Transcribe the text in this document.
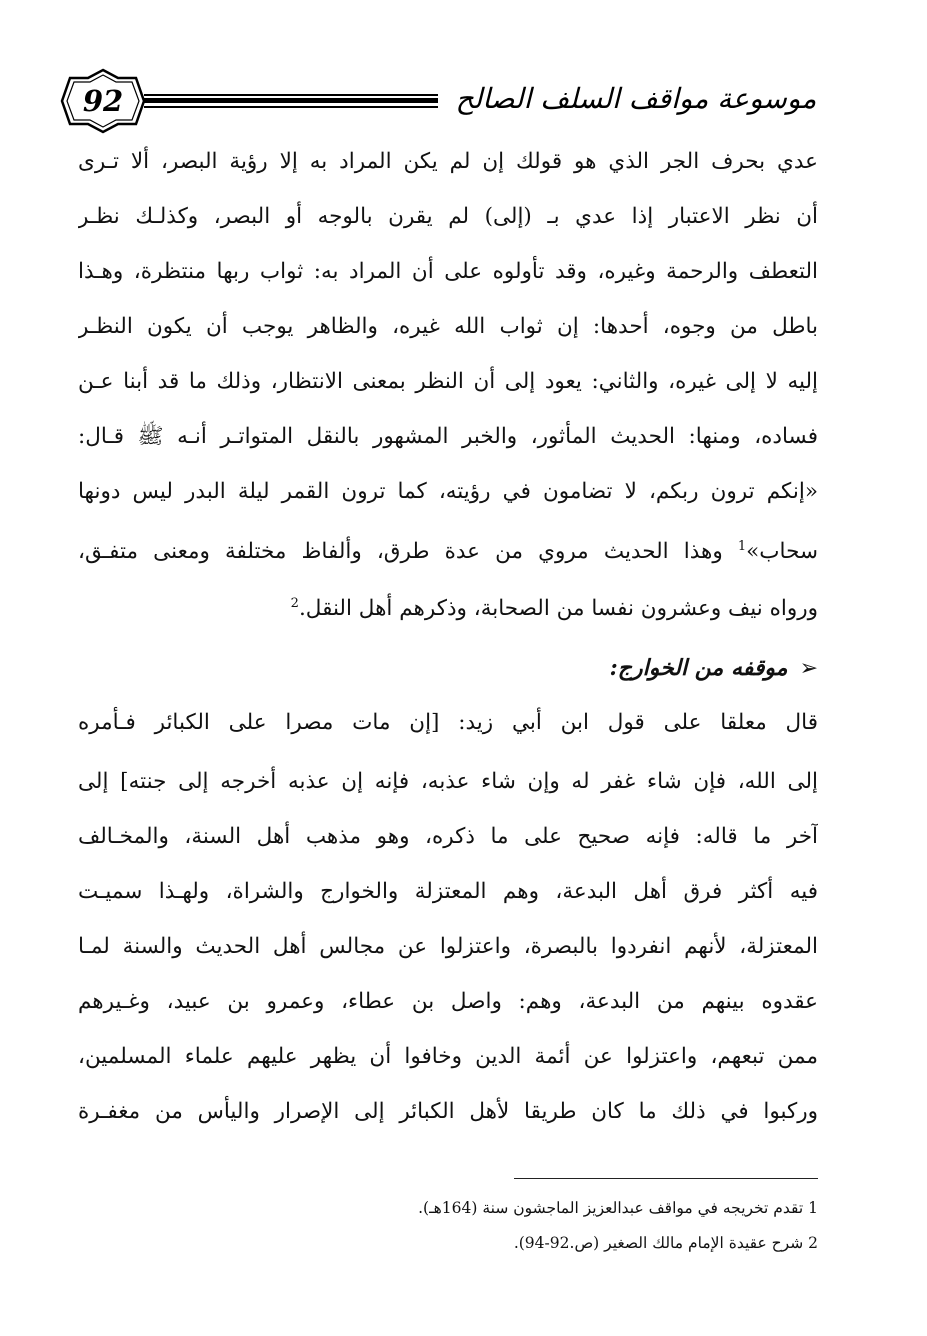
92	موسوعة مواقف السلف الصالح
عدي بحرف الجر الذي هو قولك إن لم يكن المراد به إلا رؤية البصر، ألا تـرى
أن نظر الاعتبار إذا عدي بـ (إلى) لم يقرن بالوجه أو البصر، وكذلـك نظـر
التعطف والرحمة وغيره، وقد تأولوه على أن المراد به: ثواب ربها منتظرة، وهـذا
باطل من وجوه، أحدها: إن ثواب الله غيره، والظاهر يوجب أن يكون النظـر
إليه لا إلى غيره، والثاني: يعود إلى أن النظر بمعنى الانتظار، وذلك ما قد أبنا عـن
فساده، ومنها: الحديث المأثور، والخبر المشهور بالنقل المتواتـر أنـه ﷺ قـال:
«إنكم ترون ربكم، لا تضامون في رؤيته، كما ترون القمر ليلة البدر ليس دونها
سحاب»$^1$ وهذا الحديث مروي من عدة طرق، وألفاظ مختلفة ومعنى متفـق،
ورواه نيف وعشرون نفسا من الصحابة، وذكرهم أهل النقل.$^2$
➢موقفه من الخوارج:
قال معلقا على قول ابن أبي زيد: [إن مات مصرا على الكبائر فـأمره
إلى الله، فإن شاء غفر له وإن شاء عذبه، فإنه إن عذبه أخرجه إلى جنته] إلى
آخر ما قاله: فإنه صحيح على ما ذكره، وهو مذهب أهل السنة، والمخـالف
فيه أكثر فرق أهل البدعة، وهم المعتزلة والخوارج والشراة، ولهـذا سميـت
المعتزلة، لأنهم انفردوا بالبصرة، واعتزلوا عن مجالس أهل الحديث والسنة لمـا
عقدوه بينهم من البدعة، وهم: واصل بن عطاء، وعمرو بن عبيد، وغـيرهم
ممن تبعهم، واعتزلوا عن أئمة الدين وخافوا أن يظهر عليهم علماء المسلمين،
وركبوا في ذلك ما كان طريقا لأهل الكبائر إلى الإصرار واليأس من مغفـرة
1 تقدم تخريجه في مواقف عبدالعزيز الماجشون سنة (164هـ).
2 شرح عقيدة الإمام مالك الصغير (ص.92-94).
